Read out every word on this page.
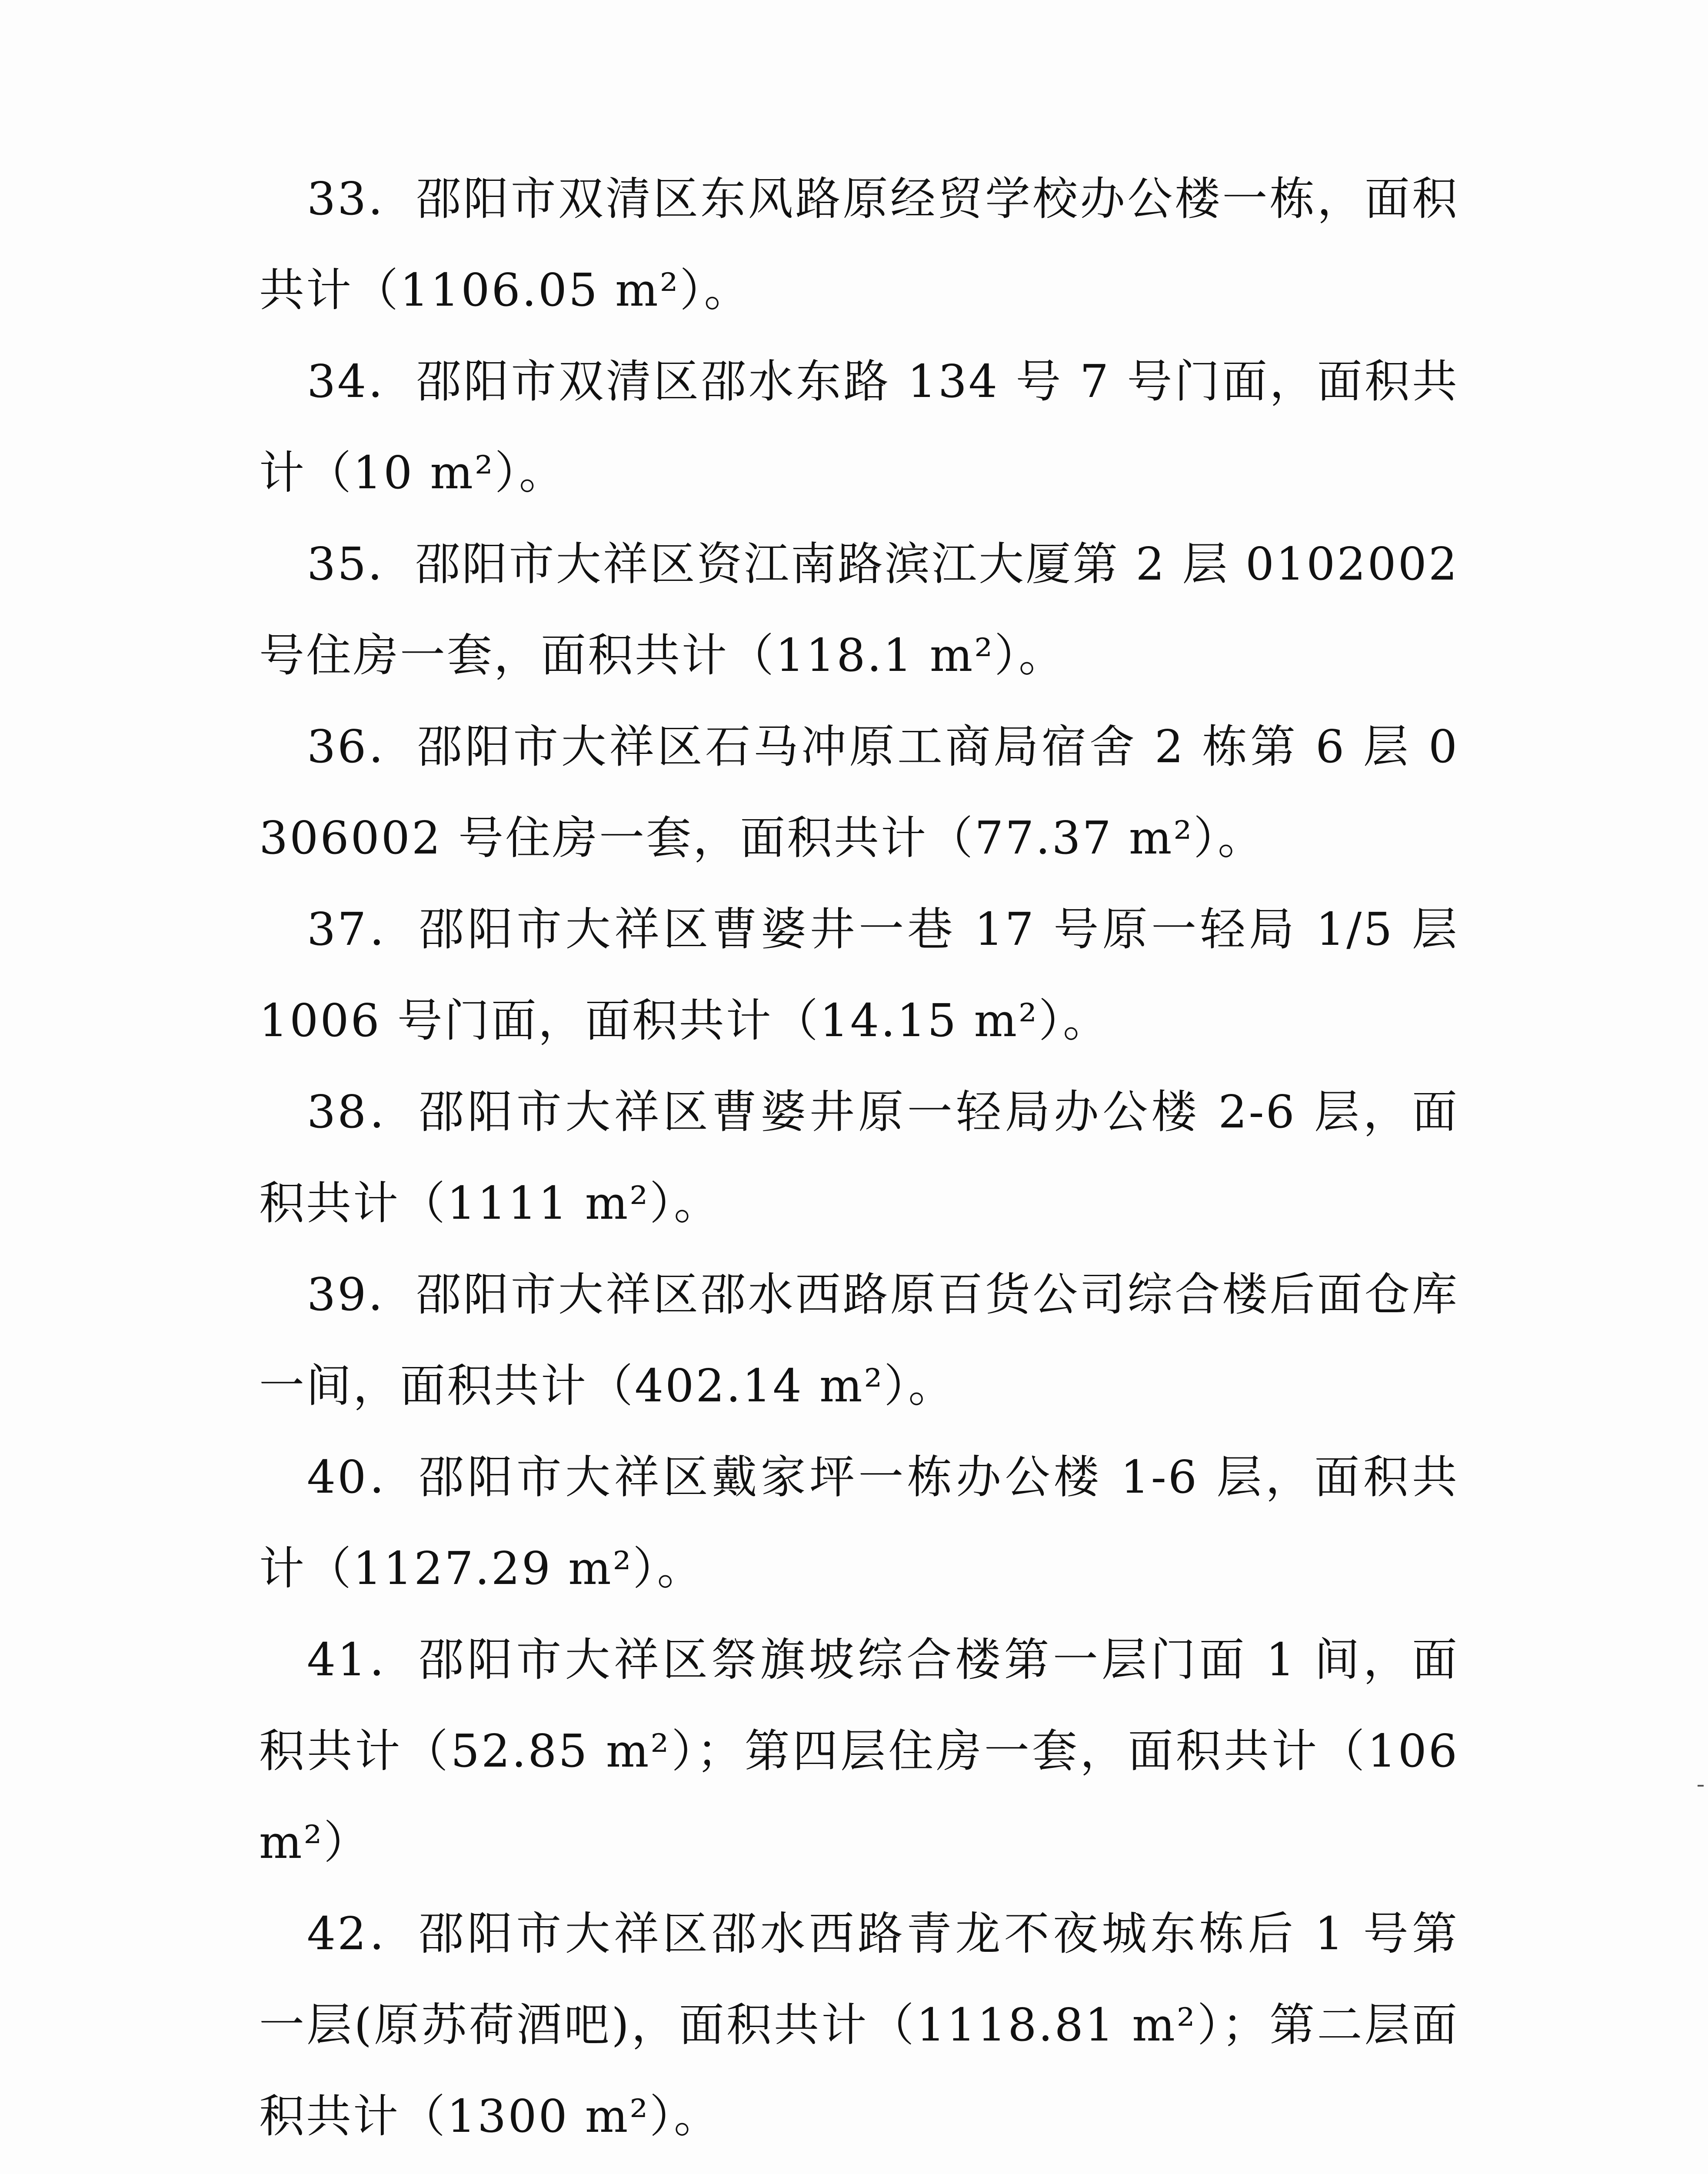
33．邵阳市双清区东风路原经贸学校办公楼一栋，面积共计（1106.05 m²）。

34．邵阳市双清区邵水东路 134 号 7 号门面，面积共计（10 m²）。

35．邵阳市大祥区资江南路滨江大厦第 2 层 0102002 号住房一套，面积共计（118.1 m²）。

36．邵阳市大祥区石马冲原工商局宿舍 2 栋第 6 层 0306002 号住房一套，面积共计（77.37 m²）。

37．邵阳市大祥区曹婆井一巷 17 号原一轻局 1/5 层 1006 号门面，面积共计（14.15 m²）。

38．邵阳市大祥区曹婆井原一轻局办公楼 2-6 层，面积共计（1111 m²）。

39．邵阳市大祥区邵水西路原百货公司综合楼后面仓库一间，面积共计（402.14 m²）。

40．邵阳市大祥区戴家坪一栋办公楼 1-6 层，面积共计（1127.29 m²）。

41．邵阳市大祥区祭旗坡综合楼第一层门面 1 间，面积共计（52.85 m²）；第四层住房一套，面积共计（106 m²）

42．邵阳市大祥区邵水西路青龙不夜城东栋后 1 号第一层(原苏荷酒吧)，面积共计（1118.81 m²）；第二层面积共计（1300 m²）。
